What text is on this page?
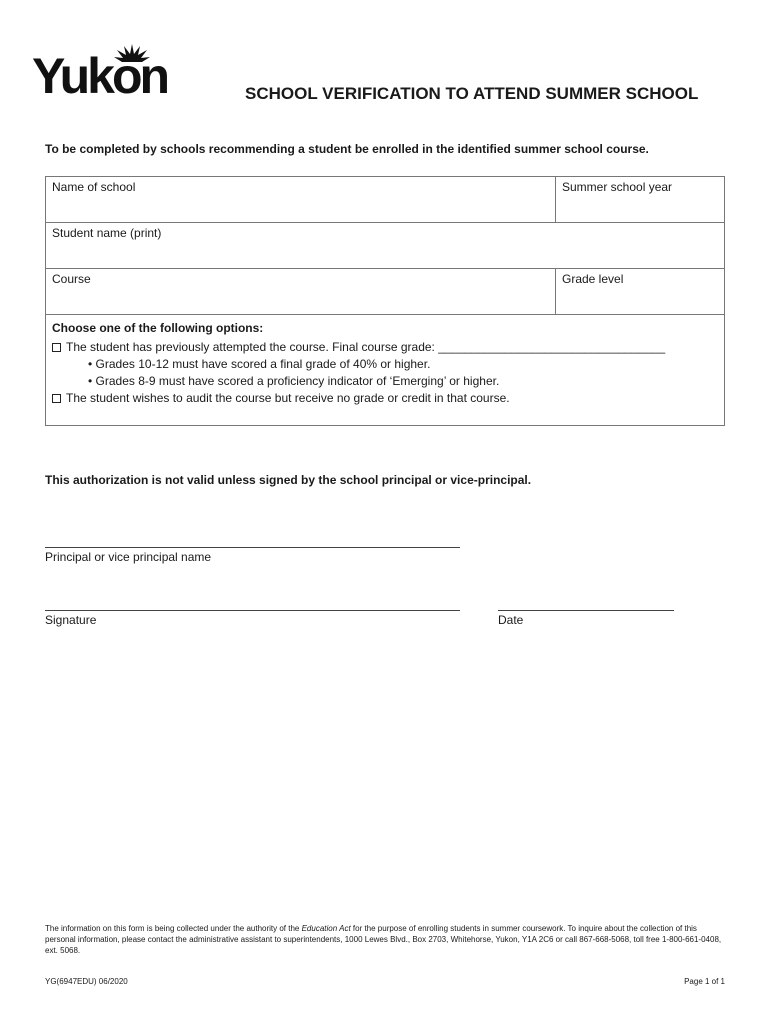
Yukon	SCHOOL VERIFICATION TO ATTEND SUMMER SCHOOL
To be completed by schools recommending a student be enrolled in the identified summer school course.
Name of school	Summer school year
Student name (print)
Course	Grade level
Choose one of the following options:
The student has previously attempted the course. Final course grade: __________________________________
• Grades 10-12 must have scored a final grade of 40% or higher.
• Grades 8-9 must have scored a proficiency indicator of ‘Emerging’ or higher.
The student wishes to audit the course but receive no grade or credit in that course.
This authorization is not valid unless signed by the school principal or vice-principal.
Principal or vice principal name
Signature	Date
The information on this form is being collected under the authority of the Education Act for the purpose of enrolling students in summer coursework. To inquire about the collection of this personal information, please contact the administrative assistant to superintendents, 1000 Lewes Blvd., Box 2703, Whitehorse, Yukon, Y1A 2C6 or call 867-668-5068, toll free 1-800-661-0408, ext. 5068.
YG(6947EDU) 06/2020	Page 1 of 1
